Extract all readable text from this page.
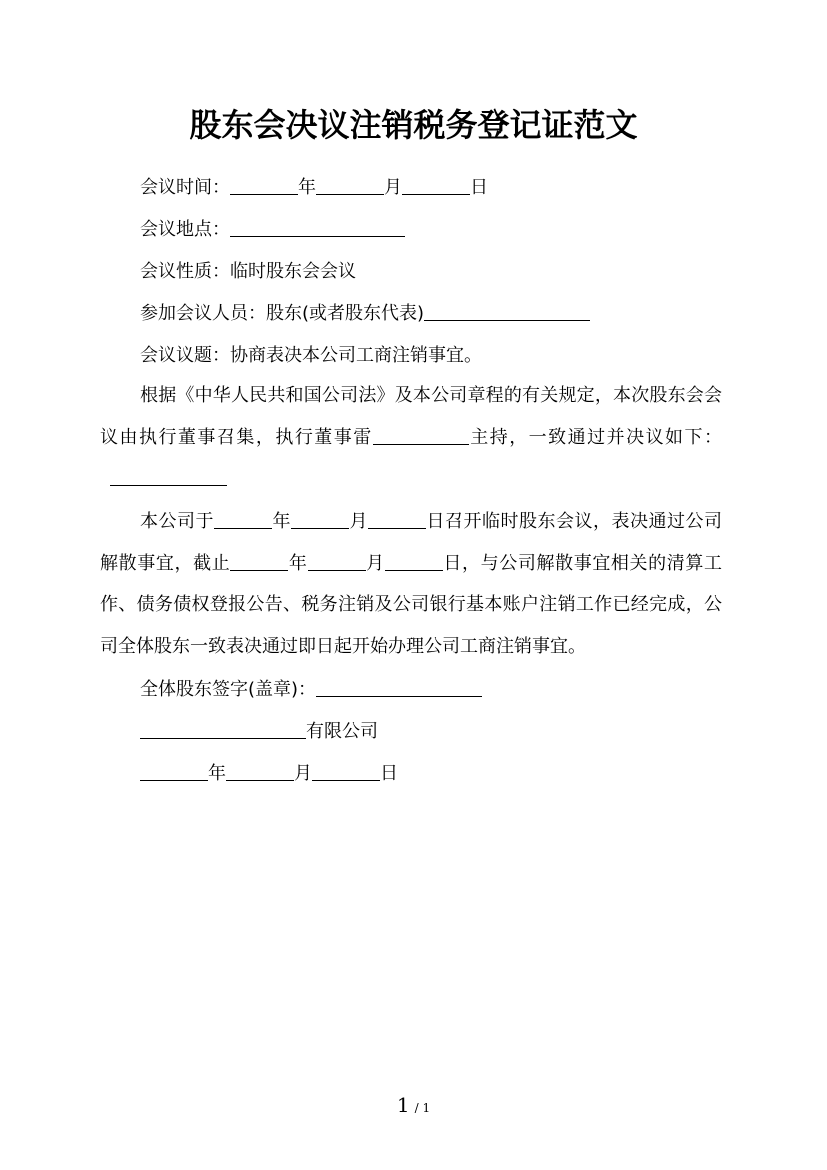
股东会决议注销税务登记证范文
会议时间：	年	月	日
会议地点：
会议性质：临时股东会会议
参加会议人员：股东(或者股东代表)
会议议题：协商表决本公司工商注销事宜。
根据《中华人民共和国公司法》及本公司章程的有关规定，本次股东会会议由执行董事召集，执行董事雷	主持，一致通过并决议如下：
本公司于	年	月	日召开临时股东会议，表决通过公司解散事宜，截止	年	月	日，与公司解散事宜相关的清算工作、债务债权登报公告、税务注销及公司银行基本账户注销工作已经完成，公司全体股东一致表决通过即日起开始办理公司工商注销事宜。
全体股东签字(盖章)：
有限公司
年	月	日
1 / 1
